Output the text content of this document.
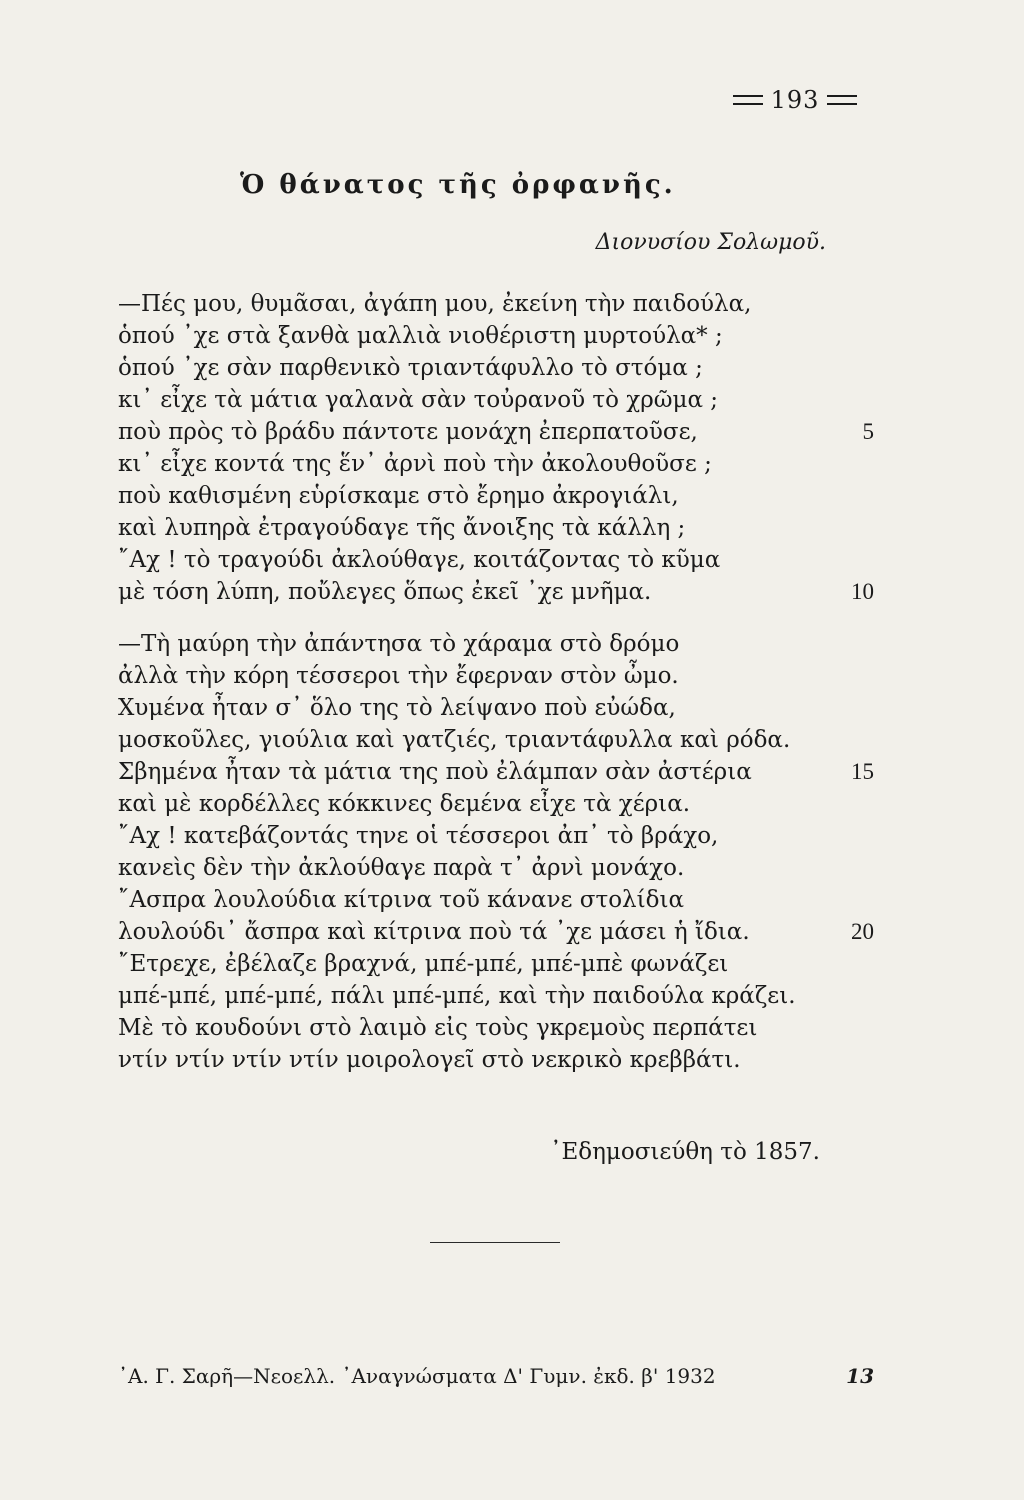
193
Ὁ θάνατος τῆς ὀρφανῆς.
Διονυσίου Σολωμοῦ.
—Πές μου, θυμᾶσαι, ἀγάπη μου, ἐκείνη τὴν παιδούλα,
ὁπού ᾽χε στὰ ξανθὰ μαλλιὰ νιοθέριστη μυρτούλα* ;
ὁπού ᾽χε σὰν παρθενικὸ τριαντάφυλλο τὸ στόμα ;
κι᾽ εἶχε τὰ μάτια γαλανὰ σὰν τοὐρανοῦ τὸ χρῶμα ;
ποὺ πρὸς τὸ βράδυ πάντοτε μονάχη ἐπερπατοῦσε,	5
κι᾽ εἶχε κοντά της ἕν᾽ ἀρνὶ ποὺ τὴν ἀκολουθοῦσε ;
ποὺ καθισμένη εὑρίσκαμε στὸ ἔρημο ἀκρογιάλι,
καὶ λυπηρὰ ἐτραγούδαγε τῆς ἄνοιξης τὰ κάλλη ;
῎Αχ ! τὸ τραγούδι ἀκλούθαγε, κοιτάζοντας τὸ κῦμα
μὲ τόση λύπη, ποὔλεγες ὅπως ἐκεῖ ᾽χε μνῆμα.	10
—Τὴ μαύρη τὴν ἀπάντησα τὸ χάραμα στὸ δρόμο
ἀλλὰ τὴν κόρη τέσσεροι τὴν ἔφερναν στὸν ὦμο.
Χυμένα ἦταν σ᾽ ὅλο της τὸ λείψανο ποὺ εὐώδα,
μοσκοῦλες, γιούλια καὶ γατζιές, τριαντάφυλλα καὶ ρόδα.
Σβημένα ἦταν τὰ μάτια της ποὺ ἐλάμπαν σὰν ἀστέρια	15
καὶ μὲ κορδέλλες κόκκινες δεμένα εἶχε τὰ χέρια.
῎Αχ ! κατεβάζοντάς τηνε οἱ τέσσεροι ἀπ᾽ τὸ βράχο,
κανεὶς δὲν τὴν ἀκλούθαγε παρὰ τ᾽ ἀρνὶ μονάχο.
῎Ασπρα λουλούδια κίτρινα τοῦ κάνανε στολίδια
λουλούδι᾽ ἄσπρα καὶ κίτρινα ποὺ τά ᾽χε μάσει ἡ ἴδια.	20
῎Ετρεχε, ἐβέλαζε βραχνά, μπέ-μπέ, μπέ-μπὲ φωνάζει
μπέ-μπέ, μπέ-μπέ, πάλι μπέ-μπέ, καὶ τὴν παιδούλα κράζει.
Μὲ τὸ κουδούνι στὸ λαιμὸ εἰς τοὺς γκρεμοὺς περπάτει
ντίν ντίν ντίν ντίν μοιρολογεῖ στὸ νεκρικὸ κρεββάτι.
᾽Εδημοσιεύθη τὸ 1857.
᾽Α. Γ. Σαρῆ—Νεοελλ. ᾽Αναγνώσματα Δ' Γυμν. ἐκδ. β' 1932	13
